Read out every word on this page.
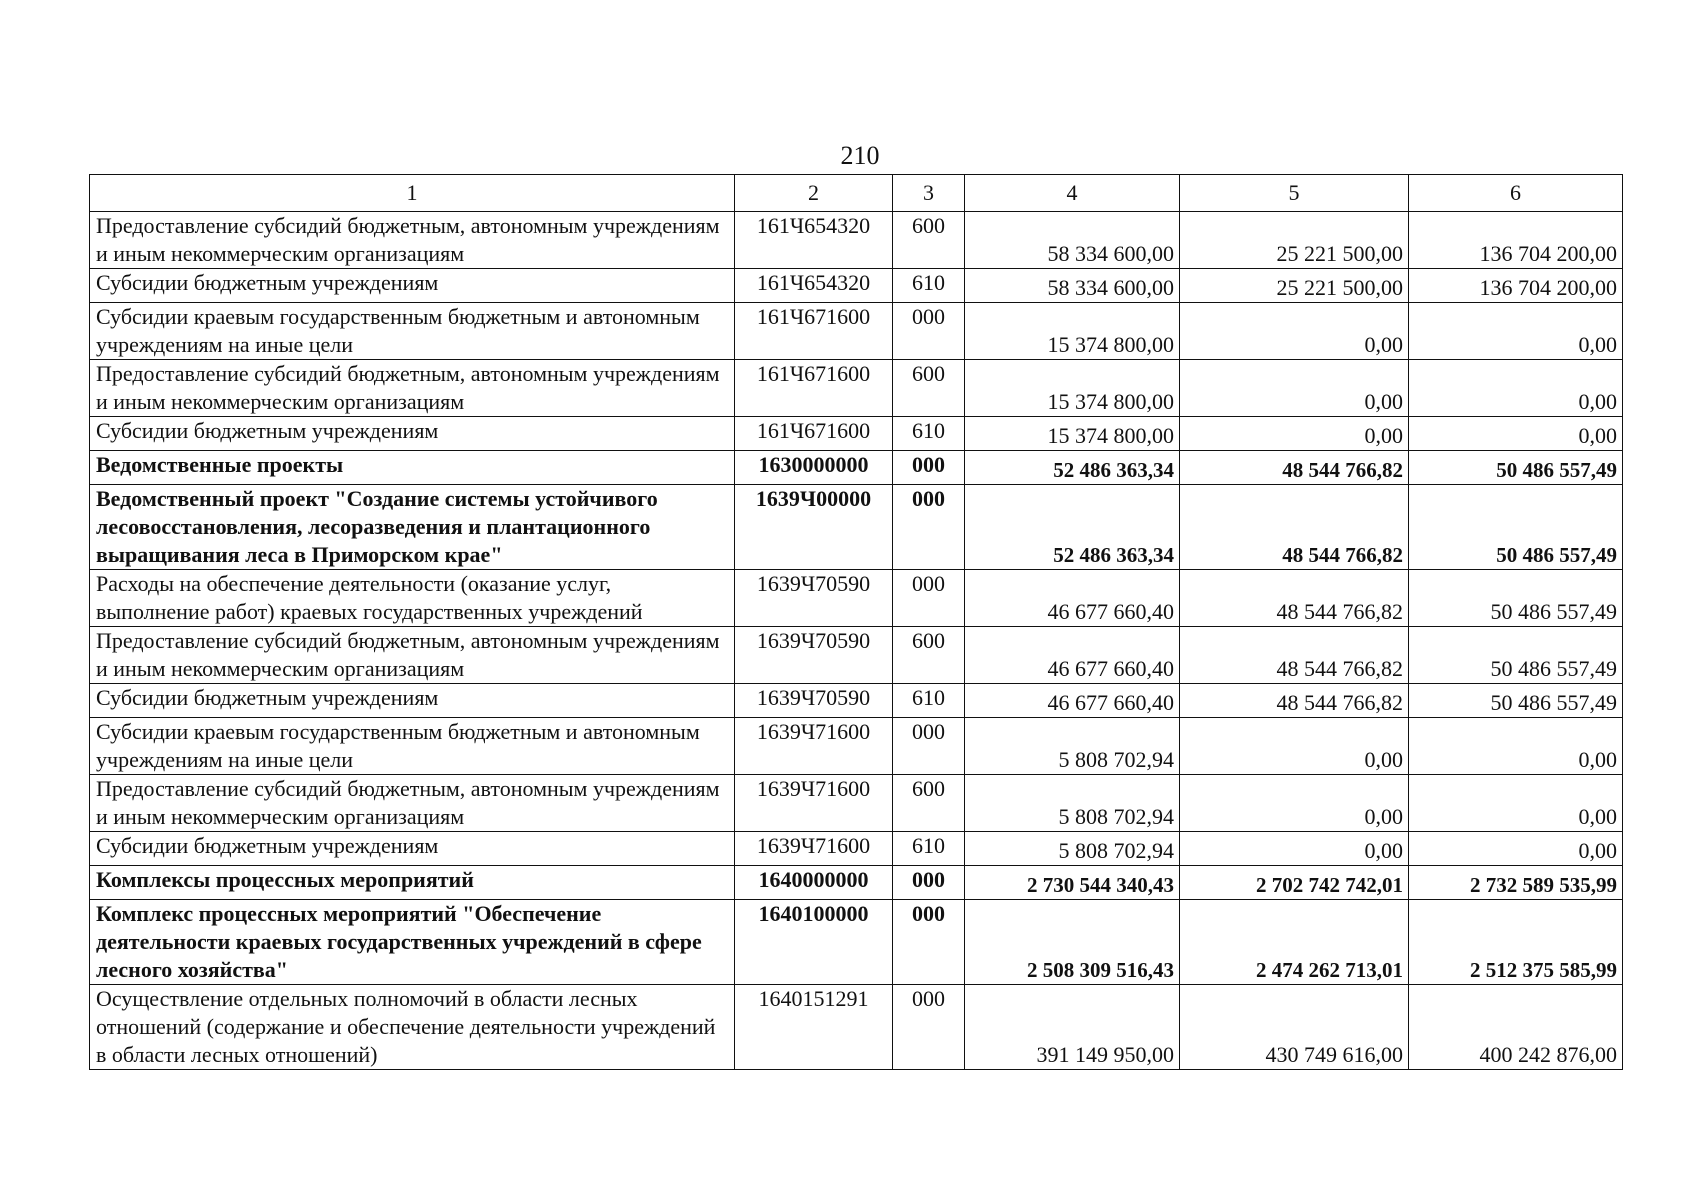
210
1	2	3	4	5	6
Предоставление субсидий бюджетным, автономным учреждениям и иным некоммерческим организациям	161Ч654320	600	58 334 600,00	25 221 500,00	136 704 200,00
Субсидии бюджетным учреждениям	161Ч654320	610	58 334 600,00	25 221 500,00	136 704 200,00
Субсидии краевым государственным бюджетным и автономным учреждениям на иные цели	161Ч671600	000	15 374 800,00	0,00	0,00
Предоставление субсидий бюджетным, автономным учреждениям и иным некоммерческим организациям	161Ч671600	600	15 374 800,00	0,00	0,00
Субсидии бюджетным учреждениям	161Ч671600	610	15 374 800,00	0,00	0,00
Ведомственные проекты	1630000000	000	52 486 363,34	48 544 766,82	50 486 557,49
Ведомственный проект "Создание системы устойчивого лесовосстановления, лесоразведения и плантационного выращивания леса в Приморском крае"	1639Ч00000	000	52 486 363,34	48 544 766,82	50 486 557,49
Расходы на обеспечение деятельности (оказание услуг, выполнение работ) краевых государственных учреждений	1639Ч70590	000	46 677 660,40	48 544 766,82	50 486 557,49
Предоставление субсидий бюджетным, автономным учреждениям и иным некоммерческим организациям	1639Ч70590	600	46 677 660,40	48 544 766,82	50 486 557,49
Субсидии бюджетным учреждениям	1639Ч70590	610	46 677 660,40	48 544 766,82	50 486 557,49
Субсидии краевым государственным бюджетным и автономным учреждениям на иные цели	1639Ч71600	000	5 808 702,94	0,00	0,00
Предоставление субсидий бюджетным, автономным учреждениям и иным некоммерческим организациям	1639Ч71600	600	5 808 702,94	0,00	0,00
Субсидии бюджетным учреждениям	1639Ч71600	610	5 808 702,94	0,00	0,00
Комплексы процессных мероприятий	1640000000	000	2 730 544 340,43	2 702 742 742,01	2 732 589 535,99
Комплекс процессных мероприятий "Обеспечение деятельности краевых государственных учреждений в сфере лесного хозяйства"	1640100000	000	2 508 309 516,43	2 474 262 713,01	2 512 375 585,99
Осуществление отдельных полномочий в области лесных отношений (содержание и обеспечение деятельности учреждений в области лесных отношений)	1640151291	000	391 149 950,00	430 749 616,00	400 242 876,00
